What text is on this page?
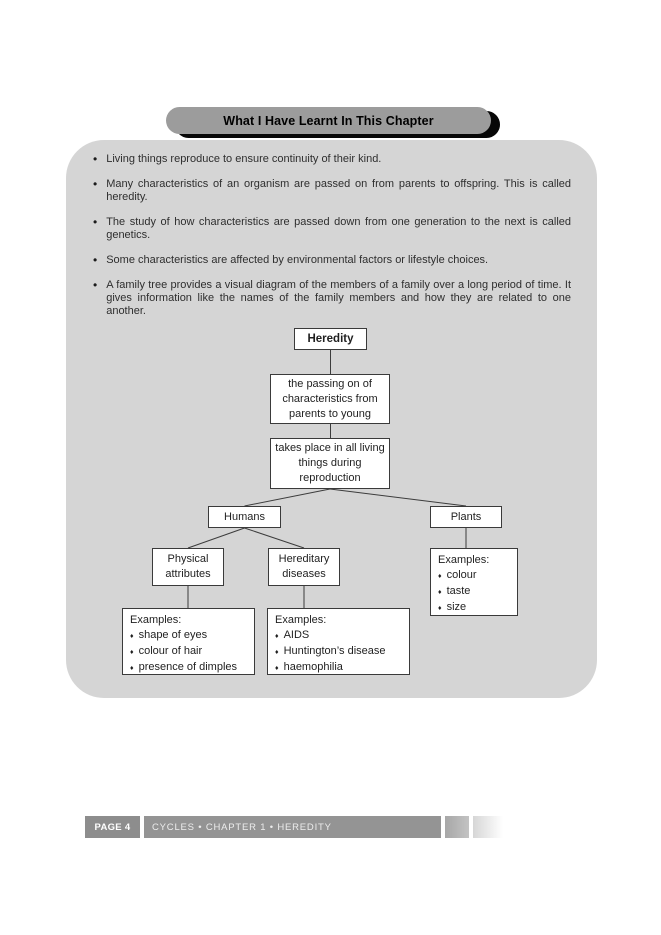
What I Have Learnt In This Chapter
• Living things reproduce to ensure continuity of their kind.
• Many characteristics of an organism are passed on from parents to offspring. This is called heredity.
• The study of how characteristics are passed down from one generation to the next is called genetics.
• Some characteristics are affected by environmental factors or lifestyle choices.
• A family tree provides a visual diagram of the members of a family over a long period of time. It gives information like the names of the family members and how they are related to one another.
Heredity
the passing on of characteristics from parents to young
takes place in all living things during reproduction
Humans	Plants
Physical attributes
Hereditary diseases
Examples:
♦ colour
♦ taste
♦ size
Examples:
♦ shape of eyes
♦ colour of hair
♦ presence of dimples
Examples:
♦ AIDS
♦ Huntington’s disease
♦ haemophilia
PAGE 4 CYCLES • CHAPTER 1 • HEREDITY
